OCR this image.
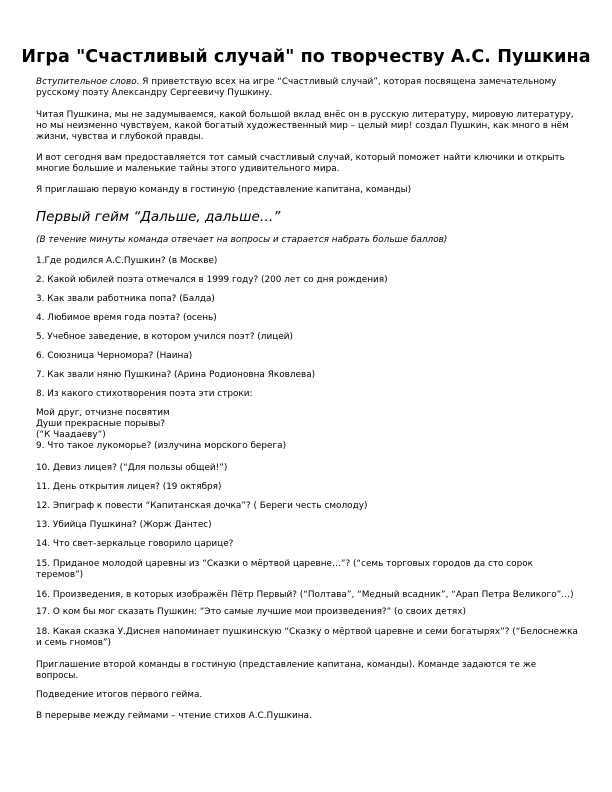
Игра "Счастливый случай" по творчеству А.С. Пушкина

Вступительное слово. Я приветствую всех на игре “Счастливый случай”, которая посвящена замечательному
русскому поэту Александру Сергеевичу Пушкину.

Читая Пушкина, мы не задумываемся, какой большой вклад внёс он в русскую литературу, мировую литературу,
но мы неизменно чувствуем, какой богатый художественный мир – целый мир! создал Пушкин, как много в нём
жизни, чувства и глубокой правды.

И вот сегодня вам предоставляется тот самый счастливый случай, который поможет найти ключики и открыть
многие большие и маленькие тайны этого удивительного мира.

Я приглашаю первую команду в гостиную (представление капитана, команды)

Первый гейм “Дальше, дальше…”

(В течение минуты команда отвечает на вопросы и старается набрать больше баллов)

1.Где родился А.С.Пушкин? (в Москве)

2. Какой юбилей поэта отмечался в 1999 году? (200 лет со дня рождения)

3. Как звали работника попа? (Балда)

4. Любимое время года поэта? (осень)

5. Учебное заведение, в котором учился поэт? (лицей)

6. Союзница Черномора? (Наина)

7. Как звали няню Пушкина? (Арина Родионовна Яковлева)

8. Из какого стихотворения поэта эти строки:

Мой друг, отчизне посвятим
Души прекрасные порывы?
(“К Чаадаеву”)

9. Что такое лукоморье? (излучина морского берега)

10. Девиз лицея? (“Для пользы общей!”)

11. День открытия лицея? (19 октября)

12. Эпиграф к повести “Капитанская дочка”? ( Береги честь смолоду)

13. Убийца Пушкина? (Жорж Дантес)

14. Что свет-зеркальце говорило царице?

15. Приданое молодой царевны из “Сказки о мёртвой царевне…”? (“семь торговых городов да сто сорок
теремов”)

16. Произведения, в которых изображён Пётр Первый? (“Полтава”, “Медный всадник”, “Арап Петра Великого”…)

17. О ком бы мог сказать Пушкин: “Это самые лучшие мои произведения?” (о своих детях)

18. Какая сказка У.Диснея напоминает пушкинскую “Сказку о мёртвой царевне и семи богатырях”? (“Белоснежка
и семь гномов”)

Приглашение второй команды в гостиную (представление капитана, команды). Команде задаются те же
вопросы.

Подведение итогов первого гейма.

В перерыве между геймами – чтение стихов А.С.Пушкина.
